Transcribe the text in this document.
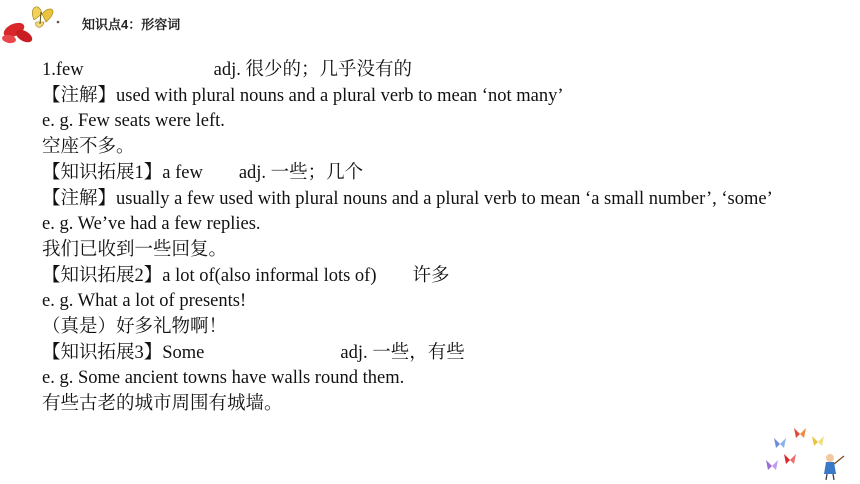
知识点4：形容词
1.few	adj. 很少的；几乎没有的
【注解】used with plural nouns and a plural verb to mean ‘not many’
e. g. Few seats were left.
空座不多。
【知识拓展1】a few adj. 一些；几个
【注解】usually a few used with plural nouns and a plural verb to mean ‘a small number’, ‘some’
e. g. We’ve had a few replies.
我们已收到一些回复。
【知识拓展2】a lot of(also informal lots of) 许多
e. g. What a lot of presents!
（真是）好多礼物啊！
【知识拓展3】Some	adj. 一些，有些
e. g. Some ancient towns have walls round them.
有些古老的城市周围有城墙。
